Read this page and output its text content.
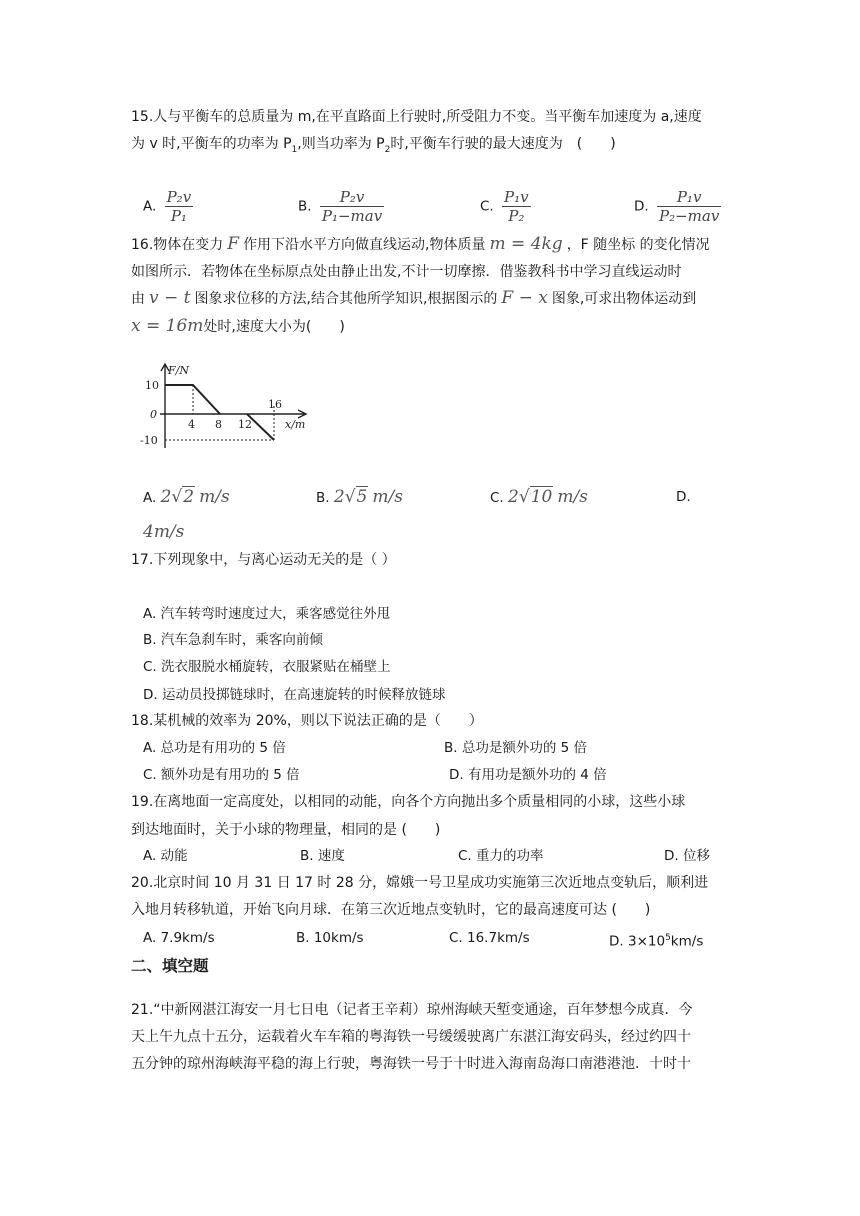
15.人与平衡车的总质量为 m,在平直路面上行驶时,所受阻力不变。当平衡车加速度为 a,速度
为 v 时,平衡车的功率为 $P_1$,则当功率为 $P_2$时,平衡车行驶的最大速度为　(　　)
A. $\frac{\text{P₂v}}{\text{P₁}}$	B. $\frac{\text{P₂v}}{\text{P₁−mav}}$	C. $\frac{\text{P₁v}}{\text{P₂}}$	D. $\frac{\text{P₁v}}{\text{P₂−mav}}$
16.物体在变力 F 作用下沿水平方向做直线运动,物体质量 m = 4kg ，F 随坐标 的变化情况
如图所示．若物体在坐标原点处由静止出发,不计一切摩擦．借鉴教科书中学习直线运动时
由 v − t 图象求位移的方法,结合其他所学知识,根据图示的 F − x 图象,可求出物体运动到
x = 16m处时,速度大小为(　　)
F/N
10
0
-10
4 8 12
16
x/m
A. 2√2 m/s	B. 2√5 m/s	C. 2√10 m/s	D.
4m/s
17.下列现象中，与离心运动无关的是（ ）
A. 汽车转弯时速度过大，乘客感觉往外甩
B. 汽车急刹车时，乘客向前倾
C. 洗衣服脱水桶旋转，衣服紧贴在桶壁上
D. 运动员投掷链球时，在高速旋转的时候释放链球
18.某机械的效率为 20%，则以下说法正确的是（　　）
A. 总功是有用功的 5 倍	B. 总功是额外功的 5 倍
C. 额外功是有用功的 5 倍	D. 有用功是额外功的 4 倍
19.在离地面一定高度处，以相同的动能，向各个方向抛出多个质量相同的小球，这些小球
到达地面时，关于小球的物理量，相同的是 (　　)
A. 动能	B. 速度	C. 重力的功率	D. 位移
20.北京时间 10 月 31 日 17 时 28 分，嫦娥一号卫星成功实施第三次近地点变轨后，顺利进
入地月转移轨道，开始飞向月球．在第三次近地点变轨时，它的最高速度可达 (　　)
A. 7.9km/s	B. 10km/s	C. 16.7km/s	D. $3\times 10^5km/s$
二、填空题
21.“中新网湛江海安一月七日电（记者王辛莉）琼州海峡天堑变通途，百年梦想今成真．今
天上午九点十五分，运载着火车车箱的粤海铁一号缓缓驶离广东湛江海安码头，经过约四十
五分钟的琼州海峡海平稳的海上行驶，粤海铁一号于十时进入海南岛海口南港港池．十时十
